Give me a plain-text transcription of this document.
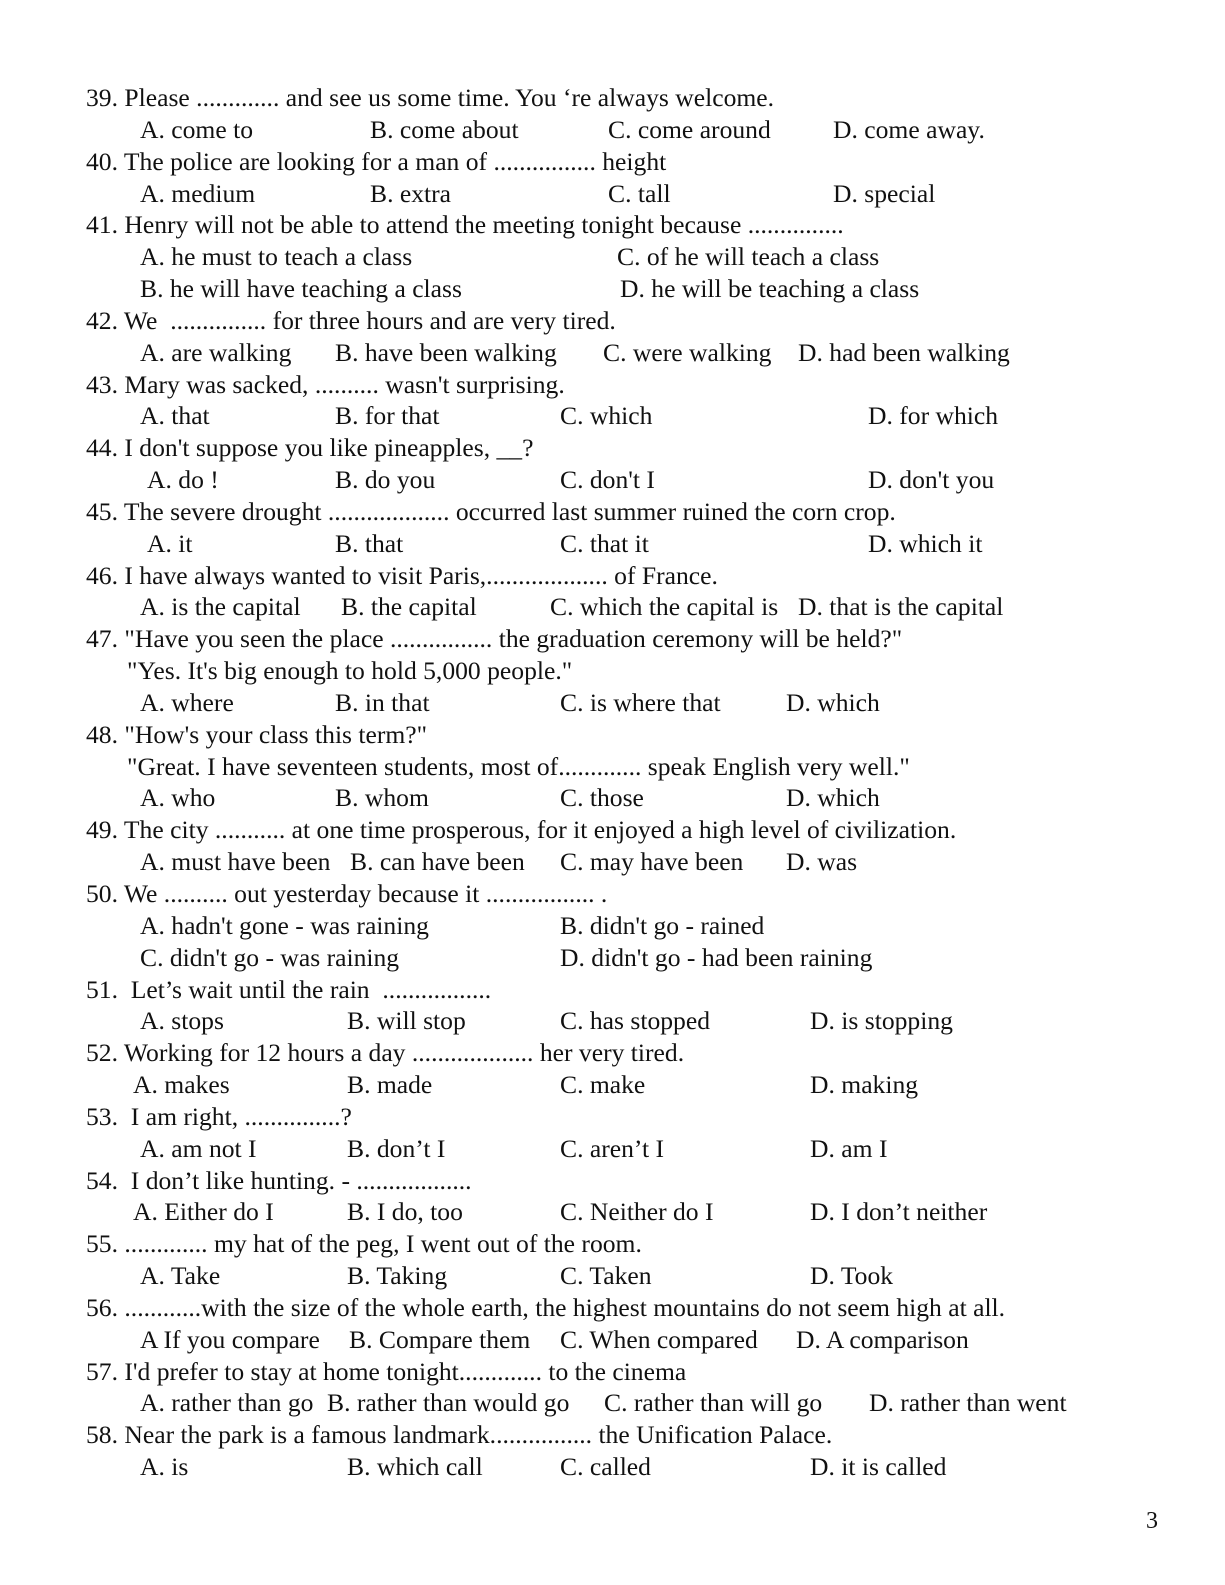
39. Please ............. and see us some time. You ‘re always welcome.
A. come to	B. come about	C. come around D. come away.
40. The police are looking for a man of ................ height
A. medium	B. extra	C. tall	D. special
41. Henry will not be able to attend the meeting tonight because ...............
A. he must to teach a class	C. of he will teach a class
B. he will have teaching a class	D. he will be teaching a class
42. We  ............... for three hours and are very tired.
A. are walking B. have been walking C. were walking D. had been walking
43. Mary was sacked, .......... wasn't surprising.
A. that	B. for that	C. which	D. for which
44. I don't suppose you like pineapples, __?
A. do !	B. do you	C. don't I	D. don't you
45. The severe drought ................... occurred last summer ruined the corn crop.
A. it	B. that	C. that it	D. which it
46. I have always wanted to visit Paris,................... of France.
A. is the capital B. the capital	C. which the capital is D. that is the capital
47. "Have you seen the place ................ the graduation ceremony will be held?"
"Yes. It's big enough to hold 5,000 people."
A. where	B. in that	C. is where that	D. which
48. "How's your class this term?"
"Great. I have seventeen students, most of............. speak English very well."
A. who	B. whom	C. those	D. which
49. The city ........... at one time prosperous, for it enjoyed a high level of civilization.
A. must have been B. can have been C. may have been D. was
50. We .......... out yesterday because it ................. .
A. hadn't gone - was raining	B. didn't go - rained
C. didn't go - was raining	D. didn't go - had been raining
51.  Let’s wait until the rain  .................
A. stops	B. will stop	C. has stopped	D. is stopping
52. Working for 12 hours a day ................... her very tired.
A. makes	B. made	C. make	D. making
53.  I am right, ...............?
A. am not I	B. don’t I	C. aren’t I	D. am I
54.  I don’t like hunting. - ..................
A. Either do I	B. I do, too	C. Neither do I	D. I don’t neither
55. ............. my hat of the peg, I went out of the room.
A. Take	B. Taking	C. Taken	D. Took
56. ............with the size of the whole earth, the highest mountains do not seem high at all.
A If you compare B. Compare them C. When compared D. A comparison
57. I'd prefer to stay at home tonight............. to the cinema
A. rather than go B. rather than would go C. rather than will go D. rather than went
58. Near the park is a famous landmark................ the Unification Palace.
A. is	B. which call	C. called	D. it is called
3
